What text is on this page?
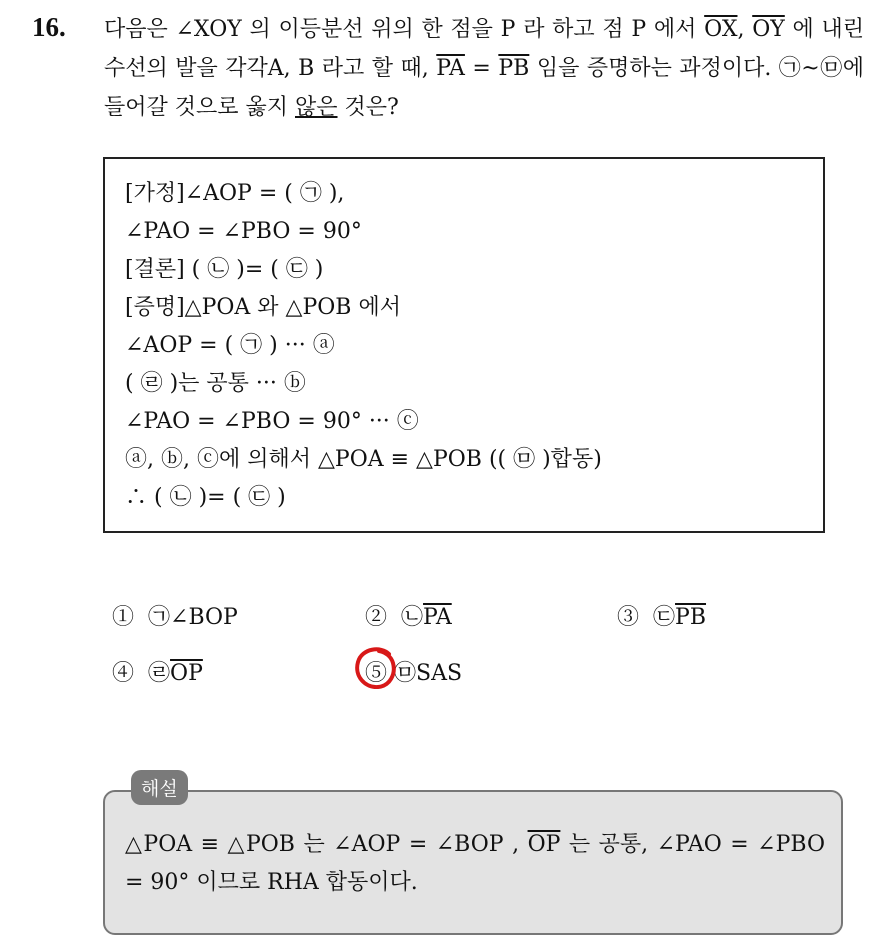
16. 다음은 ∠XOY 의 이등분선 위의 한 점을 P 라 하고 점 P 에서 $\overline{OX}$, $\overline{OY}$ 에 내린 수선의 발을 각각A, B 라고 할 때, $\overline{PA} = \overline{PB}$ 임을 증명하는 과정이다. ㉠~㉤에 들어갈 것으로 옳지 않은 것은?
[가정]∠AOP = ( ㉠ ),
∠PAO = ∠PBO = 90°
[결론] ( ㉡ )= ( ㉢ )
[증명]△POA 와 △POB 에서
∠AOP = ( ㉠ ) ··· ⓐ
( ㉣ )는 공통 ··· ⓑ
∠PAO = ∠PBO = 90° ··· ⓒ
ⓐ, ⓑ, ⓒ에 의해서 △POA ≡ △POB (( ㉤ )합동)
∴ ( ㉡ )= ( ㉢ )
① ㉠∠BOP	② $㉡\overline{PA}$	③ $㉢\overline{PB}$
④ $㉣\overline{OP}$	⑤ ㉤SAS
△POA ≡ △POB 는 ∠AOP = ∠BOP , $\overline{OP}$ 는 공통, ∠PAO = ∠PBO = 90° 이므로 RHA 합동이다.
해설
